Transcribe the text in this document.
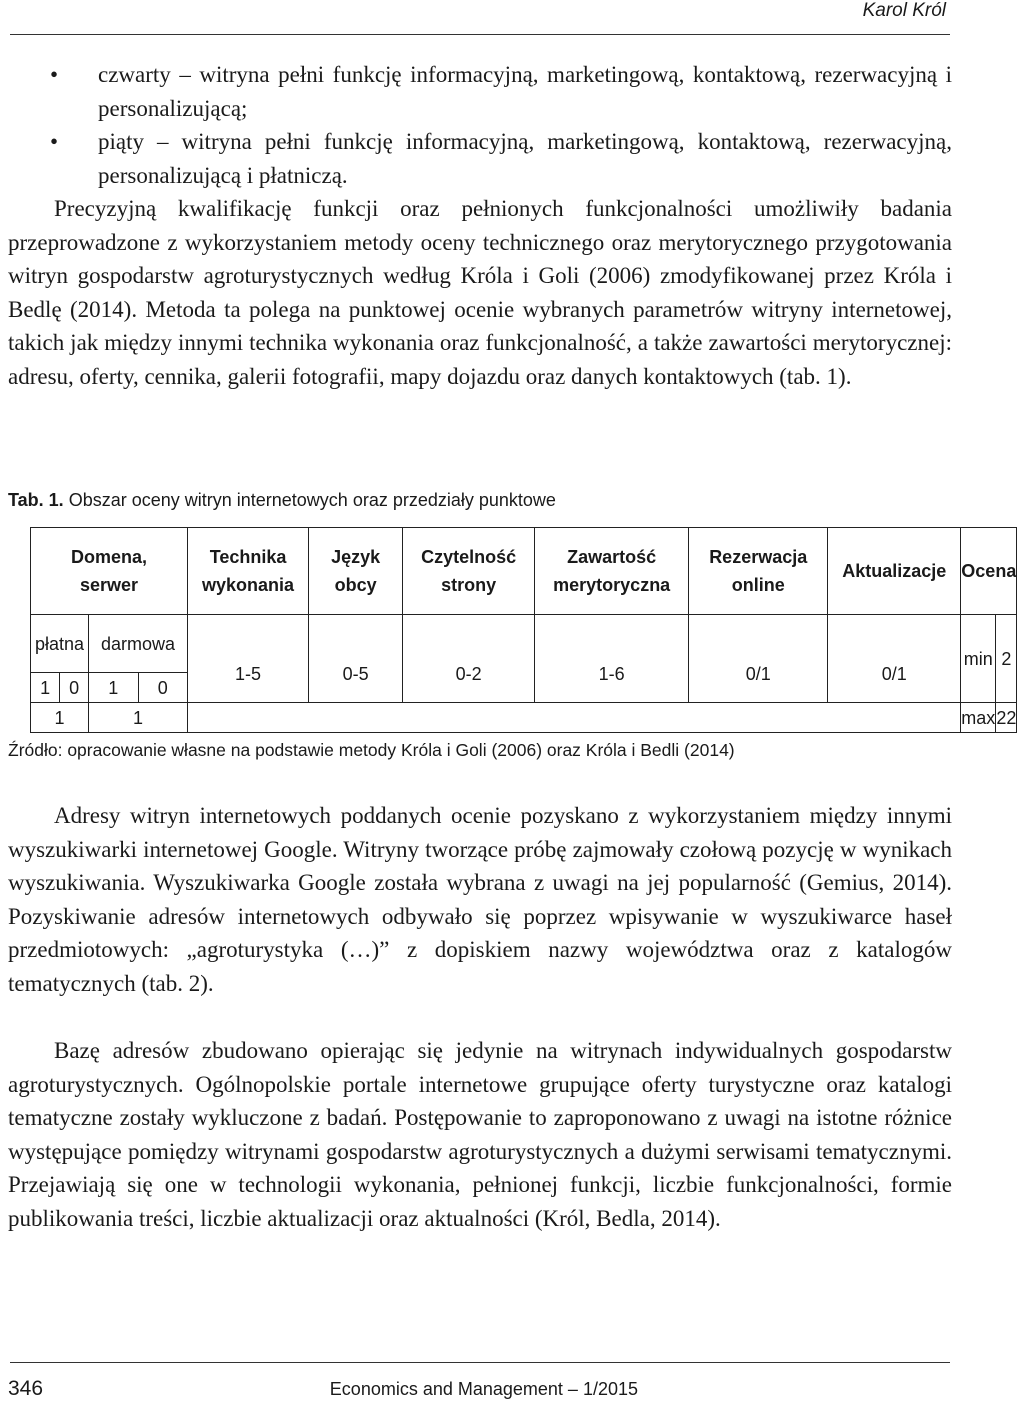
Karol Król
• czwarty – witryna pełni funkcję informacyjną, marketingową, kontaktową, rezerwacyjną i personalizującą;
• piąty – witryna pełni funkcję informacyjną, marketingową, kontaktową, rezerwacyjną, personalizującą i płatniczą.

Precyzyjną kwalifikację funkcji oraz pełnionych funkcjonalności umożliwiły badania przeprowadzone z wykorzystaniem metody oceny technicznego oraz merytorycznego przygotowania witryn gospodarstw agroturystycznych według Króla i Goli (2006) zmodyfikowanej przez Króla i Bedlę (2014). Metoda ta polega na punktowej ocenie wybranych parametrów witryny internetowej, takich jak między innymi technika wykonania oraz funkcjonalność, a także zawartości merytorycznej: adresu, oferty, cennika, galerii fotografii, mapy dojazdu oraz danych kontaktowych (tab. 1).

Tab. 1. Obszar oceny witryn internetowych oraz przedziały punktowe
Domena, serwer				Technika wykonania	Język obcy	Czytelność strony	Zawartość merytoryczna	Rezerwacja online	Aktualizacje	Ocena	
płatna		darmowa		1-5	0-5	0-2	1-6	0/1	0/1	min	2
1	0	1	0								
1		1								max	22
Źródło: opracowanie własne na podstawie metody Króla i Goli (2006) oraz Króla i Bedli (2014)

Adresy witryn internetowych poddanych ocenie pozyskano z wykorzystaniem między innymi wyszukiwarki internetowej Google. Witryny tworzące próbę zajmowały czołową pozycję w wynikach wyszukiwania. Wyszukiwarka Google została wybrana z uwagi na jej popularność (Gemius, 2014). Pozyskiwanie adresów internetowych odbywało się poprzez wpisywanie w wyszukiwarce haseł przedmiotowych: „agroturystyka (…)” z dopiskiem nazwy województwa oraz z katalogów tematycznych (tab. 2).

Bazę adresów zbudowano opierając się jedynie na witrynach indywidualnych gospodarstw agroturystycznych. Ogólnopolskie portale internetowe grupujące oferty turystyczne oraz katalogi tematyczne zostały wykluczone z badań. Postępowanie to zaproponowano z uwagi na istotne różnice występujące pomiędzy witrynami gospodarstw agroturystycznych a dużymi serwisami tematycznymi. Przejawiają się one w technologii wykonania, pełnionej funkcji, liczbie funkcjonalności, formie publikowania treści, liczbie aktualizacji oraz aktualności (Król, Bedla, 2014).

346	Economics and Management – 1/2015
